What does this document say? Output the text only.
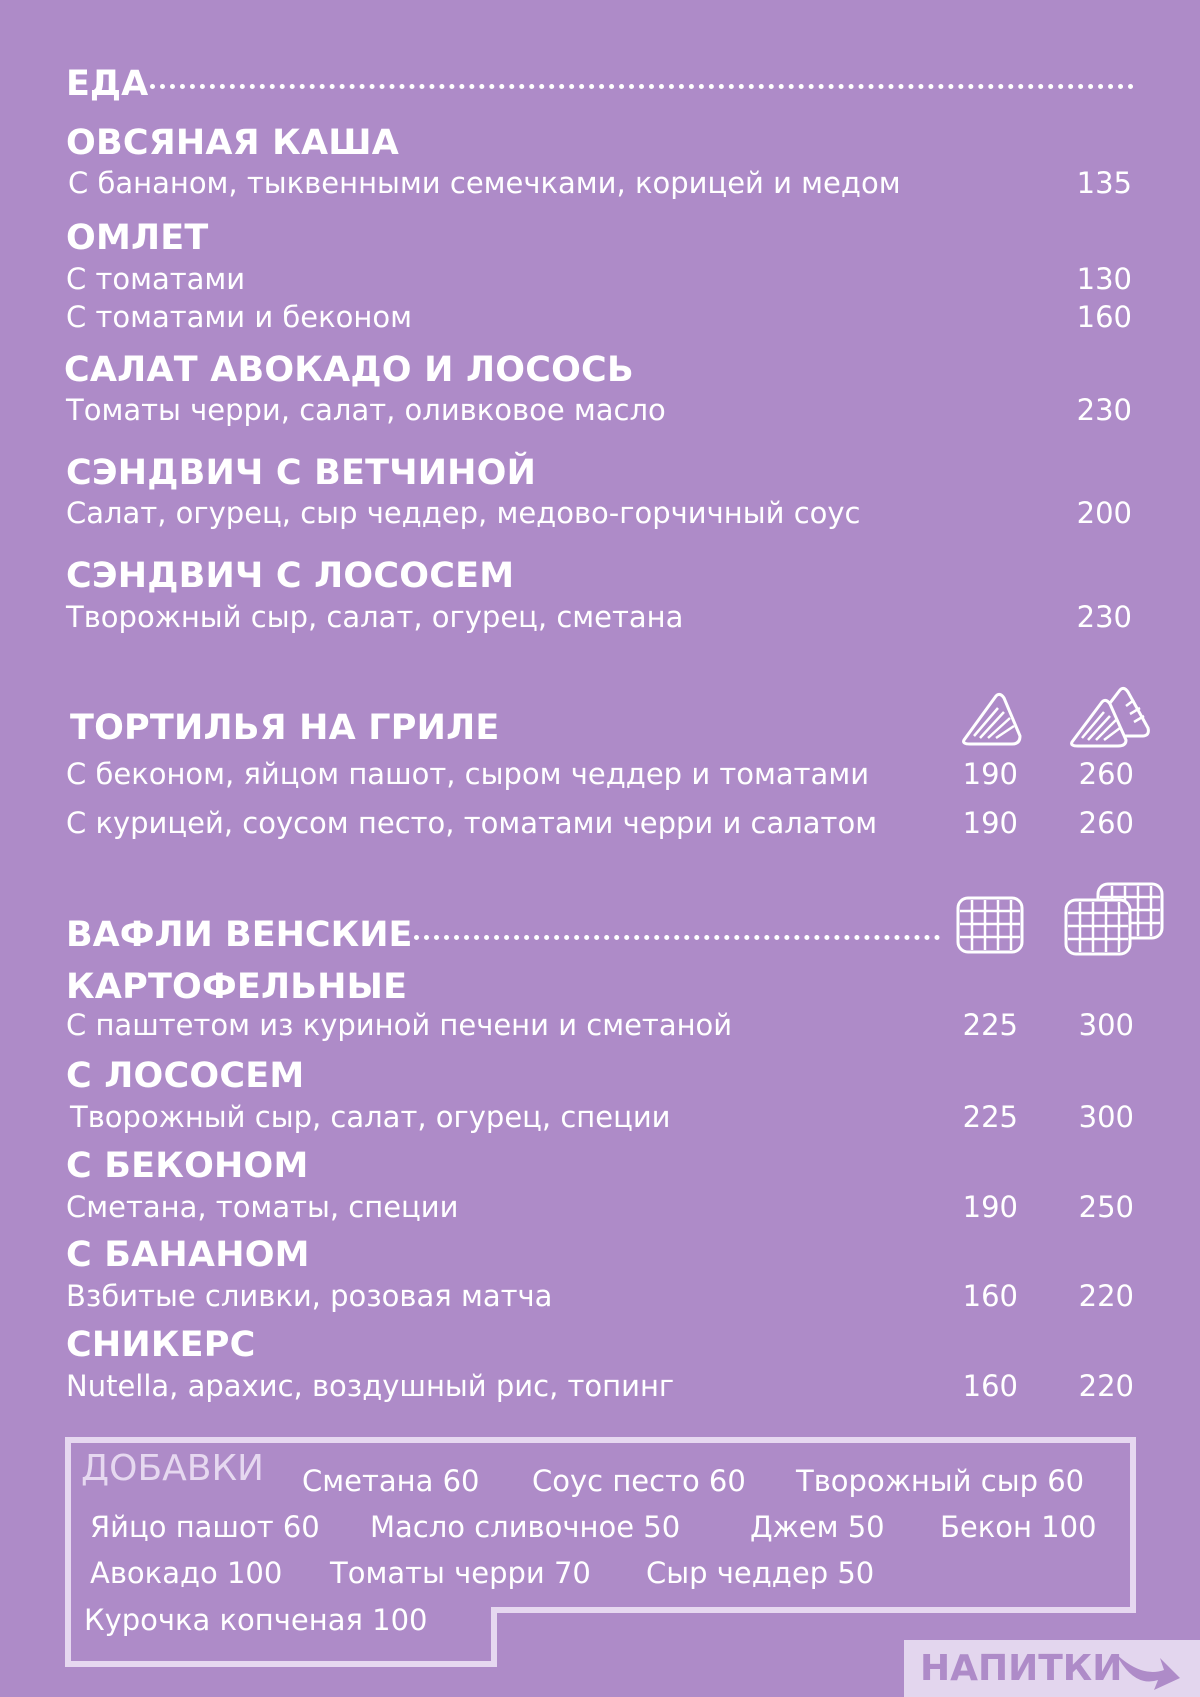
ЕДА
ОВСЯНАЯ КАША
С бананом, тыквенными семечками, корицей и медом	135
ОМЛЕТ
С томатами	130
С томатами и беконом	160
САЛАТ АВОКАДО И ЛОСОСЬ
Томаты черри, салат, оливковое масло	230
СЭНДВИЧ С ВЕТЧИНОЙ
Салат, огурец, сыр чеддер, медово-горчичный соус	200
СЭНДВИЧ С ЛОСОСЕМ
Творожный сыр, салат, огурец, сметана	230
ТОРТИЛЬЯ НА ГРИЛЕ
С беконом, яйцом пашот, сыром чеддер и томатами	190	260
С курицей, соусом песто, томатами черри и салатом	190	260
ВАФЛИ ВЕНСКИЕ
КАРТОФЕЛЬНЫЕ
С паштетом из куриной печени и сметаной	225	300
С ЛОСОСЕМ
Творожный сыр, салат, огурец, специи	225	300
С БЕКОНОМ
Сметана, томаты, специи	190	250
С БАНАНОМ
Взбитые сливки, розовая матча	160	220
СНИКЕРС
Nutella, арахис, воздушный рис, топинг	160	220
ДОБАВКИ	Сметана 60 Соус песто 60 Творожный сыр 60
Яйцо пашот 60 Масло сливочное 50 Джем 50 Бекон 100
Авокадо 100 Томаты черри 70 Сыр чеддер 50
Курочка копченая 100
НАПИТКИ
